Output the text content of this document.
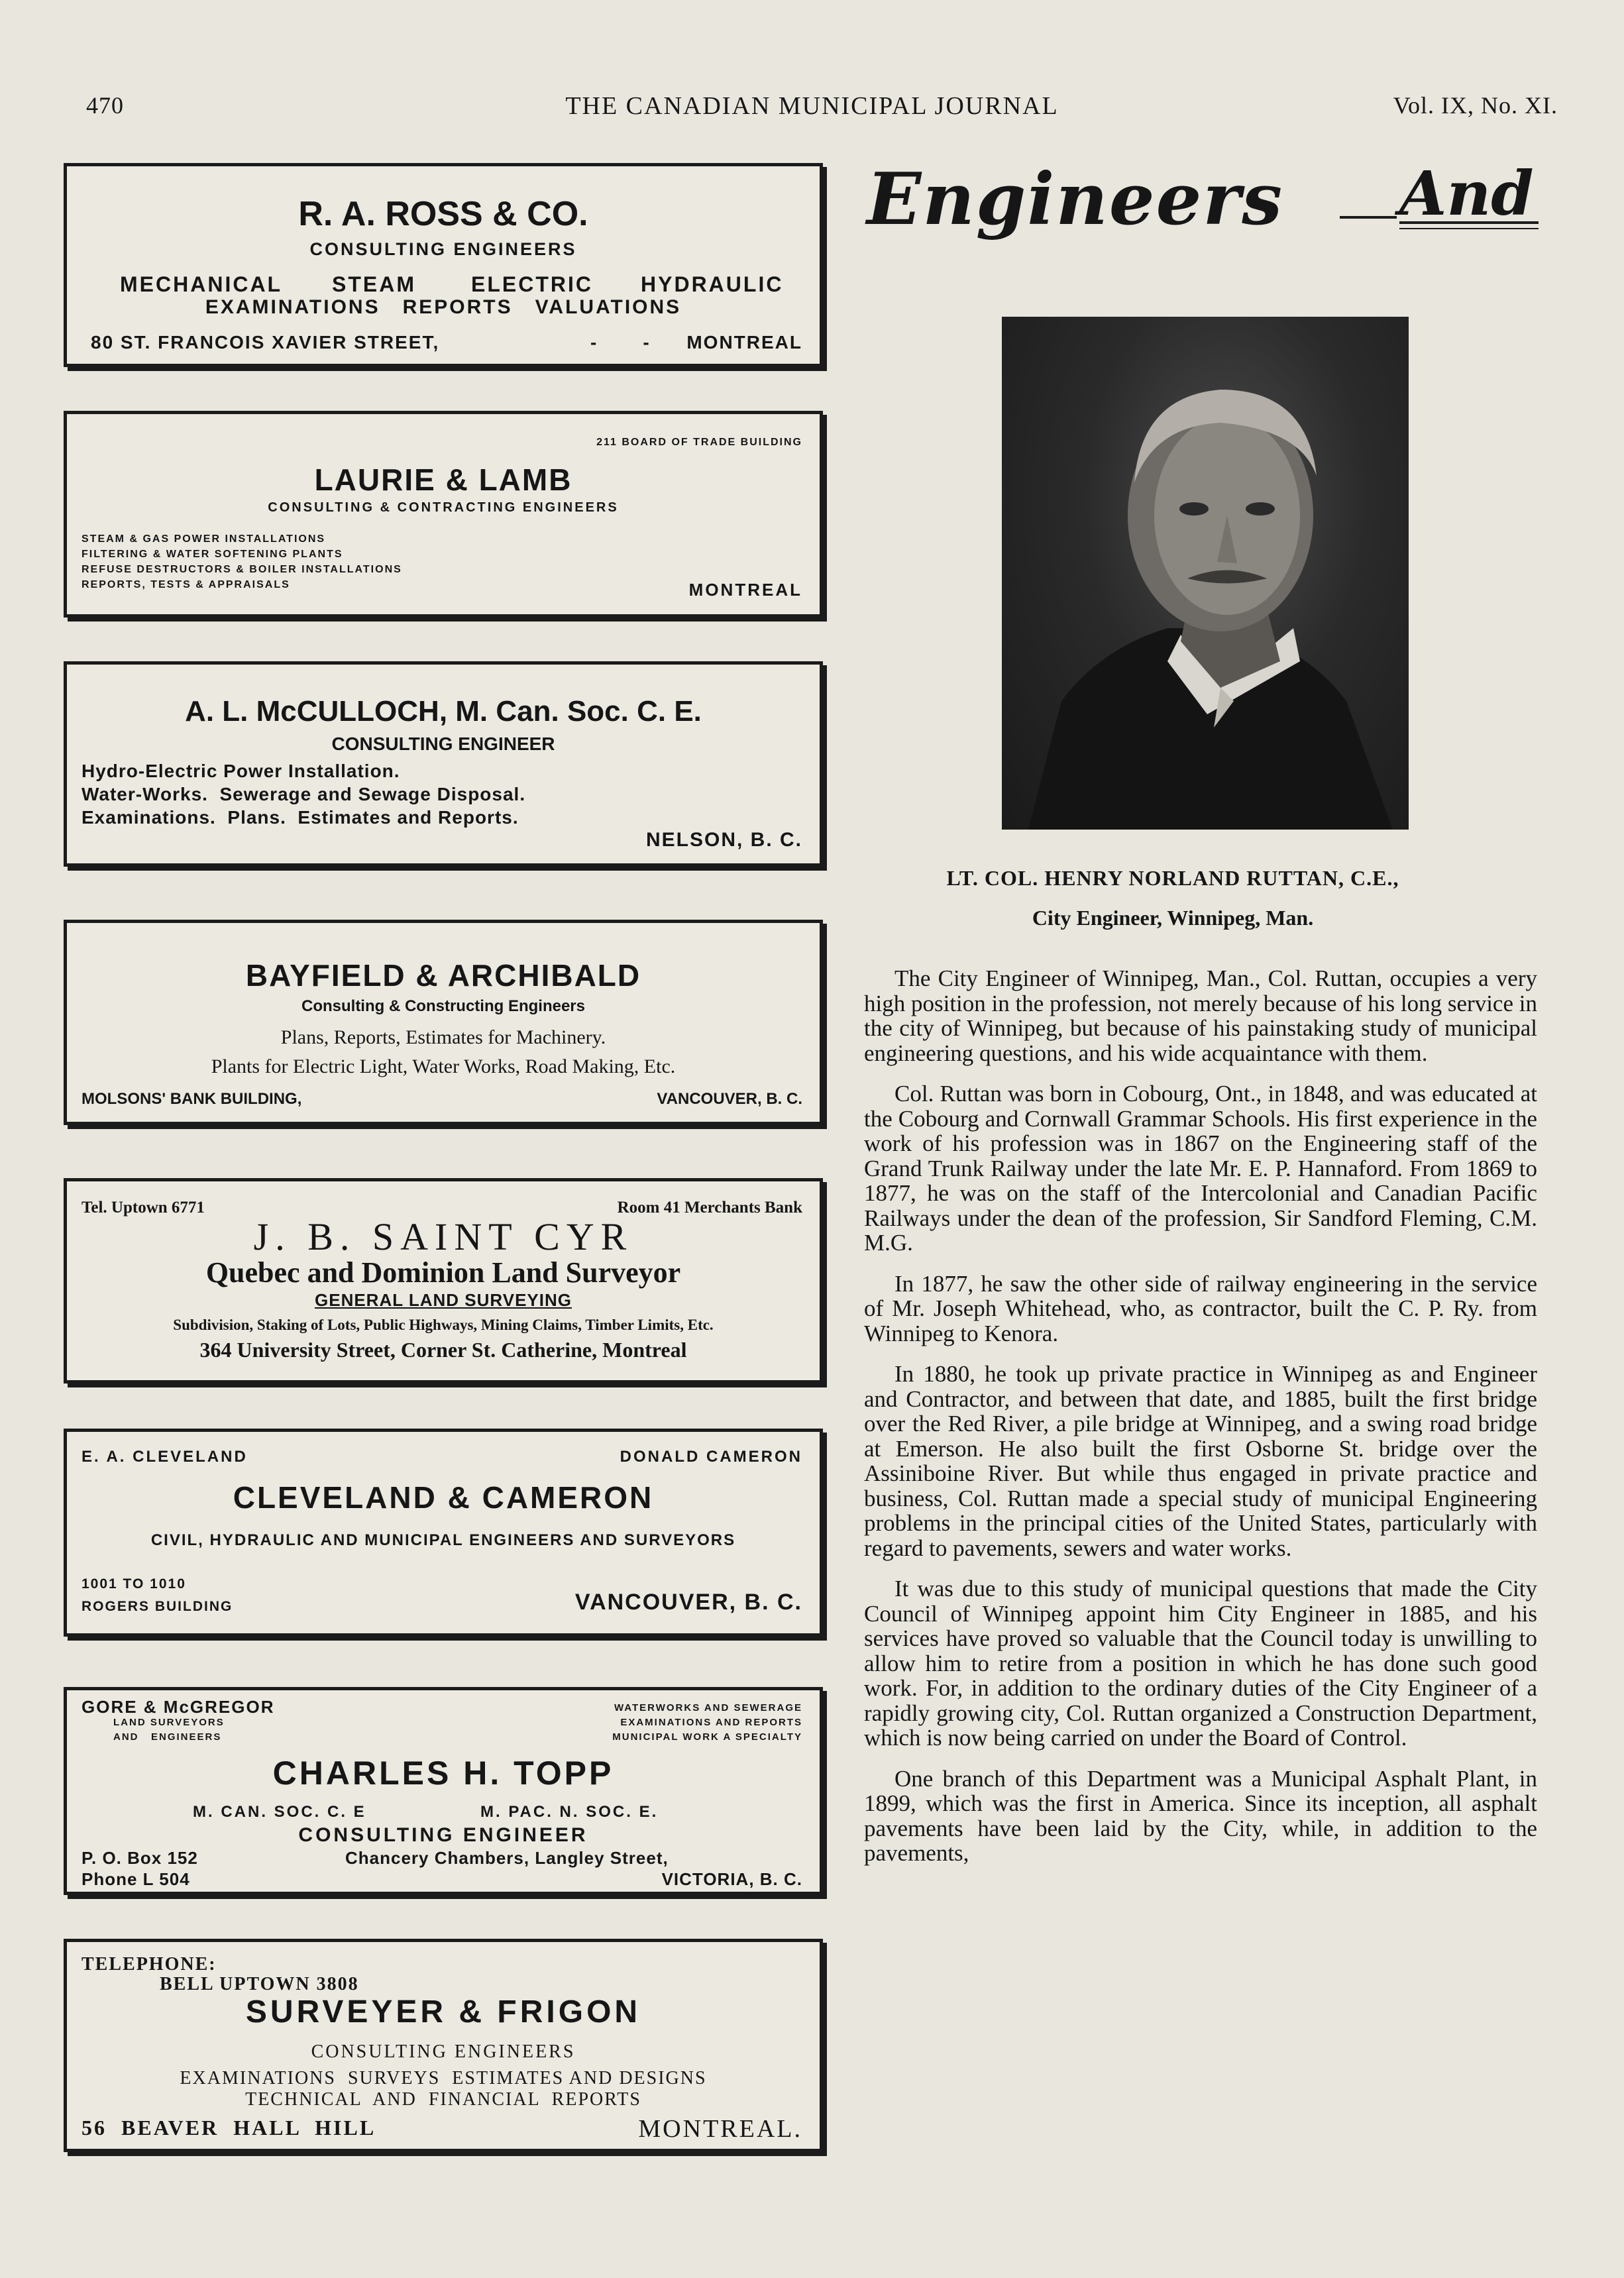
470	THE CANADIAN MUNICIPAL JOURNAL	Vol. IX, No. XI.
R. A. ROSS & CO.
CONSULTING ENGINEERS
MECHANICAL STEAM	ELECTRIC HYDRAULIC
EXAMINATIONS   REPORTS   VALUATIONS
80 ST. FRANCOIS XAVIER STREET,	-         - MONTREAL
211 BOARD OF TRADE BUILDING
LAURIE & LAMB
CONSULTING & CONTRACTING ENGINEERS
STEAM & GAS POWER INSTALLATIONS
FILTERING & WATER SOFTENING PLANTS
REFUSE DESTRUCTORS & BOILER INSTALLATIONS
REPORTS, TESTS & APPRAISALS	MONTREAL
A. L. McCULLOCH, M. Can. Soc. C. E.
CONSULTING ENGINEER
Hydro-Electric Power Installation.
Water-Works.  Sewerage and Sewage Disposal.
Examinations.  Plans.  Estimates and Reports.
NELSON, B. C.
BAYFIELD & ARCHIBALD
Consulting & Constructing Engineers
Plans, Reports, Estimates for Machinery.
Plants for Electric Light, Water Works, Road Making, Etc.
MOLSONS' BANK BUILDING,	VANCOUVER, B. C.
Tel. Uptown 6771	Room 41 Merchants Bank
J. B. SAINT CYR
Quebec and Dominion Land Surveyor
GENERAL LAND SURVEYING
Subdivision, Staking of Lots, Public Highways, Mining Claims, Timber Limits, Etc.
364 University Street, Corner St. Catherine, Montreal
E. A. CLEVELAND	DONALD CAMERON
CLEVELAND & CAMERON
CIVIL, HYDRAULIC AND MUNICIPAL ENGINEERS AND SURVEYORS
1001 TO 1010
ROGERS BUILDING	VANCOUVER, B. C.
GORE & McGREGOR
LAND SURVEYORS
AND   ENGINEERS
WATERWORKS AND SEWERAGE
EXAMINATIONS AND REPORTS
MUNICIPAL WORK A SPECIALTY
CHARLES H. TOPP
M. CAN. SOC. C. E	M. PAC. N. SOC. E.
CONSULTING ENGINEER
P. O. Box 152
Phone L 504
Chancery Chambers, Langley Street,
VICTORIA, B. C.
TELEPHONE:
BELL UPTOWN 3808
SURVEYER & FRIGON
CONSULTING ENGINEERS
EXAMINATIONS  SURVEYS  ESTIMATES AND DESIGNS
TECHNICAL  AND  FINANCIAL  REPORTS
56  BEAVER  HALL  HILL	MONTREAL.
Engineers And
LT. COL. HENRY NORLAND RUTTAN, C.E.,
City Engineer, Winnipeg, Man.

The City Engineer of Winnipeg, Man., Col. Ruttan, occupies a very high position in the profession, not merely because of his long service in the city of Winnipeg, but because of his painstaking study of municipal engineering questions, and his wide acquaintance with them.

Col. Ruttan was born in Cobourg, Ont., in 1848, and was educated at the Cobourg and Cornwall Grammar Schools. His first experience in the work of his profession was in 1867 on the Engineering staff of the Grand Trunk Railway under the late Mr. E. P. Hannaford. From 1869 to 1877, he was on the staff of the Intercolonial and Canadian Pacific Railways under the dean of the profession, Sir Sandford Fleming, C.M. M.G.

In 1877, he saw the other side of railway engineering in the service of Mr. Joseph Whitehead, who, as contractor, built the C. P. Ry. from Winnipeg to Kenora.

In 1880, he took up private practice in Winnipeg as and Engineer and Contractor, and between that date, and 1885, built the first bridge over the Red River, a pile bridge at Winnipeg, and a swing road bridge at Emerson. He also built the first Osborne St. bridge over the Assiniboine River. But while thus engaged in private practice and business, Col. Ruttan made a special study of municipal Engineering problems in the principal cities of the United States, particularly with regard to pavements, sewers and water works.

It was due to this study of municipal questions that made the City Council of Winnipeg appoint him City Engineer in 1885, and his services have proved so valuable that the Council today is unwilling to allow him to retire from a position in which he has done such good work. For, in addition to the ordinary duties of the City Engineer of a rapidly growing city, Col. Ruttan organized a Construction Department, which is now being carried on under the Board of Control.

One branch of this Department was a Municipal Asphalt Plant, in 1899, which was the first in America. Since its inception, all asphalt pavements have been laid by the City, while, in addition to the pavements,
